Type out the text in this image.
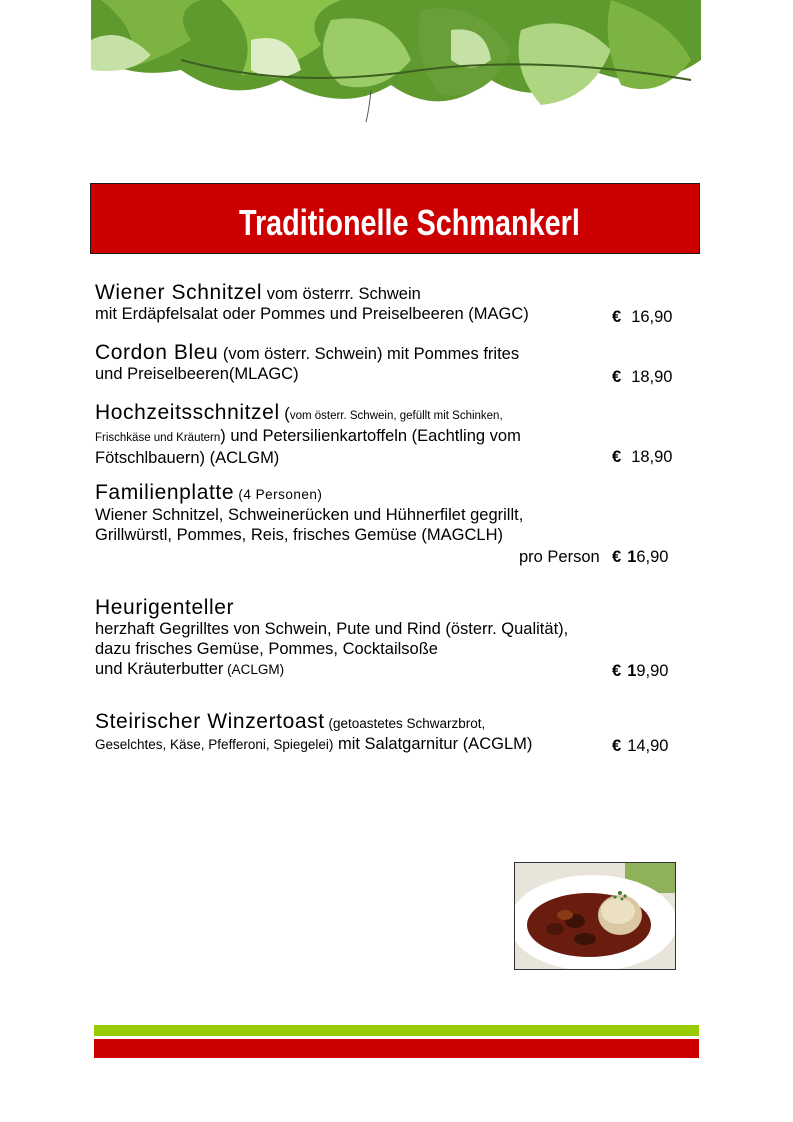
Traditionelle Schmankerl
Wiener Schnitzel vom österrr. Schwein
mit Erdäpfelsalat oder Pommes und Preiselbeeren (MAGC)	€ 16,90
Cordon Bleu (vom österr. Schwein) mit Pommes frites
und Preiselbeeren(MLAGC)	€ 18,90
Hochzeitsschnitzel (vom österr. Schwein, gefüllt mit Schinken,
Frischkäse und Kräutern) und Petersilienkartoffeln (Eachtling vom
Fötschlbauern) (ACLGM)	€ 18,90
Familienplatte (4 Personen)
Wiener Schnitzel, Schweinerücken und Hühnerfilet gegrillt,
Grillwürstl, Pommes, Reis, frisches Gemüse (MAGCLH)
pro Person € 16,90
Heurigenteller
herzhaft Gegrilltes von Schwein, Pute und Rind (österr. Qualität),
dazu frisches Gemüse, Pommes, Cocktailsoße
und Kräuterbutter (ACLGM)	€ 19,90
Steirischer Winzertoast (getoastetes Schwarzbrot,
Geselchtes, Käse, Pfefferoni, Spiegelei) mit Salatgarnitur (ACGLM)	€ 14,90
